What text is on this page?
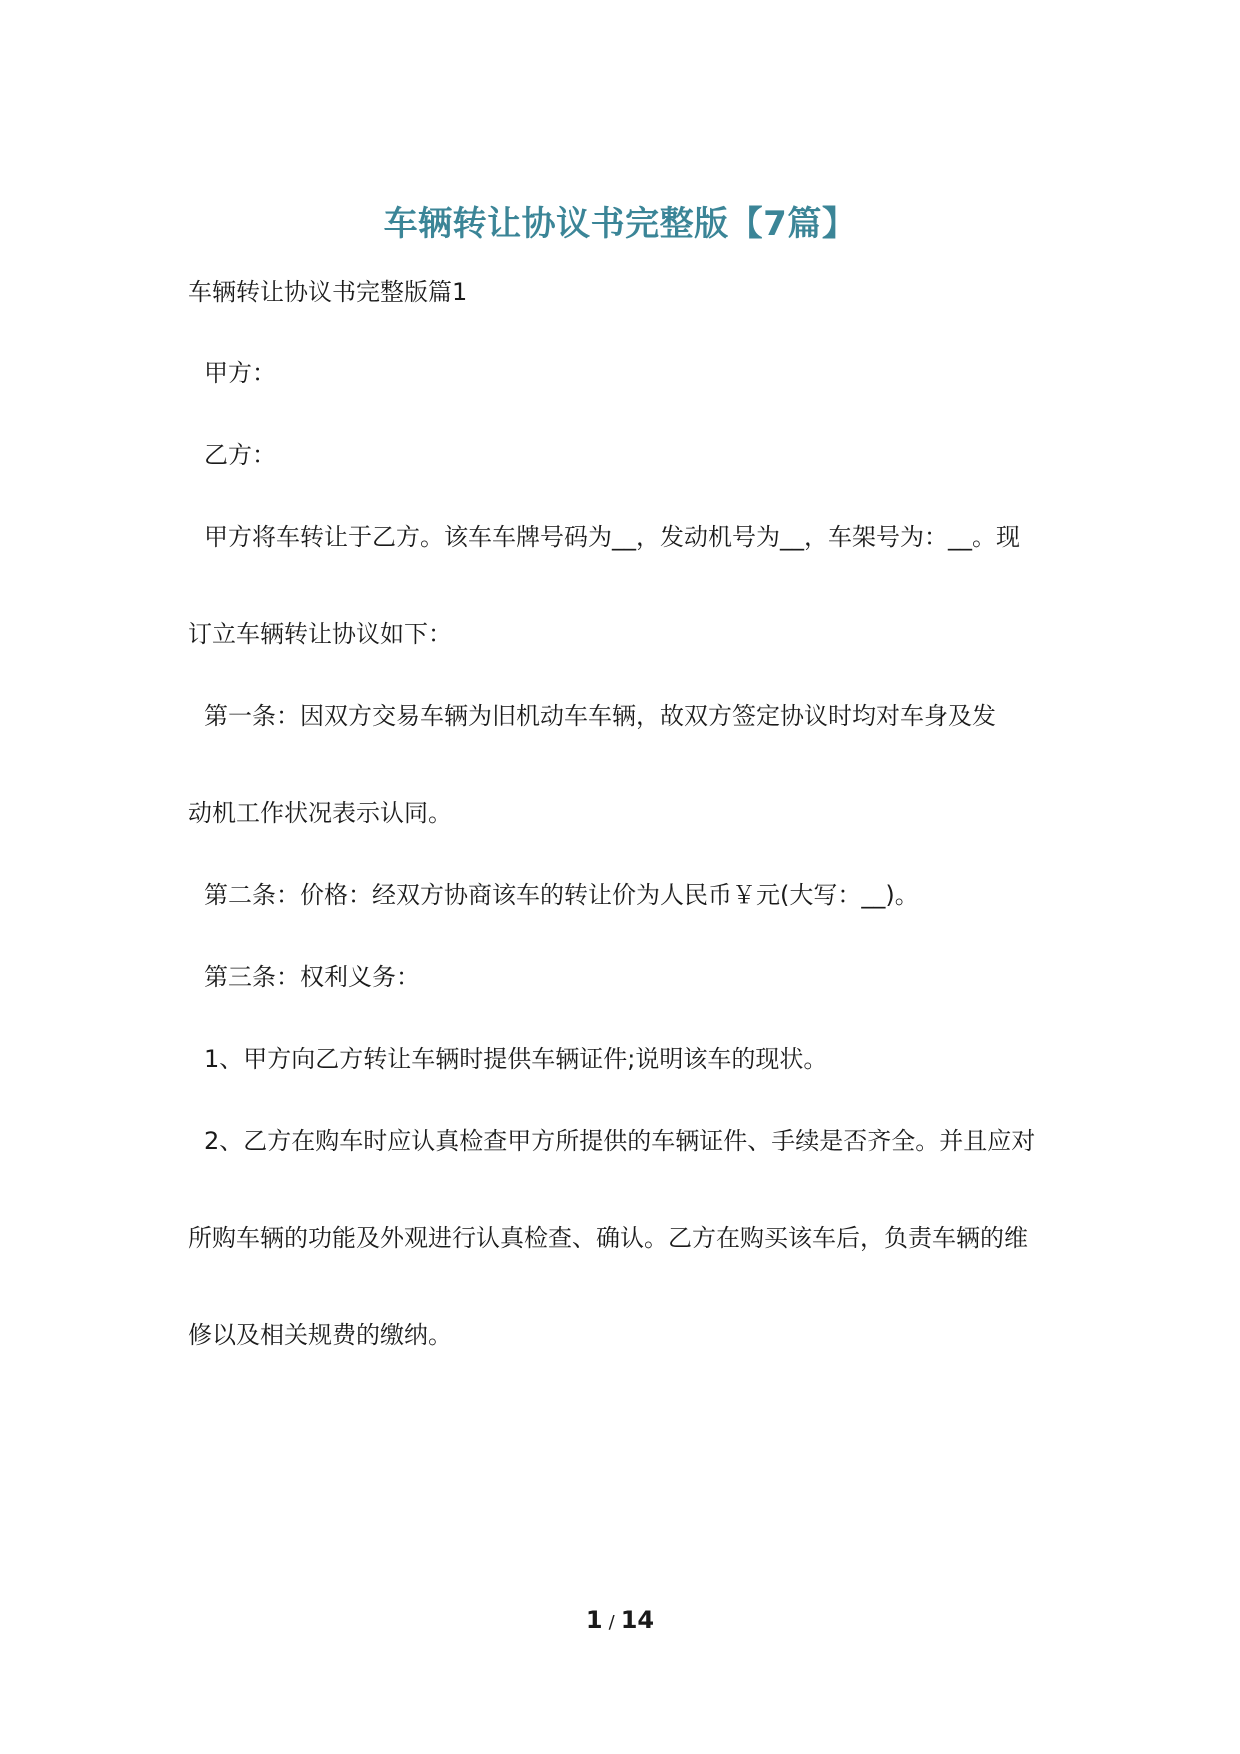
车辆转让协议书完整版【7篇】
车辆转让协议书完整版篇1
甲方：
乙方：
甲方将车转让于乙方。该车车牌号码为__，发动机号为__，车架号为：__。现
订立车辆转让协议如下：
第一条：因双方交易车辆为旧机动车车辆，故双方签定协议时均对车身及发
动机工作状况表示认同。
第二条：价格：经双方协商该车的转让价为人民币￥元(大写：__)。
第三条：权利义务：
1、甲方向乙方转让车辆时提供车辆证件;说明该车的现状。
2、乙方在购车时应认真检查甲方所提供的车辆证件、手续是否齐全。并且应对
所购车辆的功能及外观进行认真检查、确认。乙方在购买该车后，负责车辆的维
修以及相关规费的缴纳。
1 / 14
